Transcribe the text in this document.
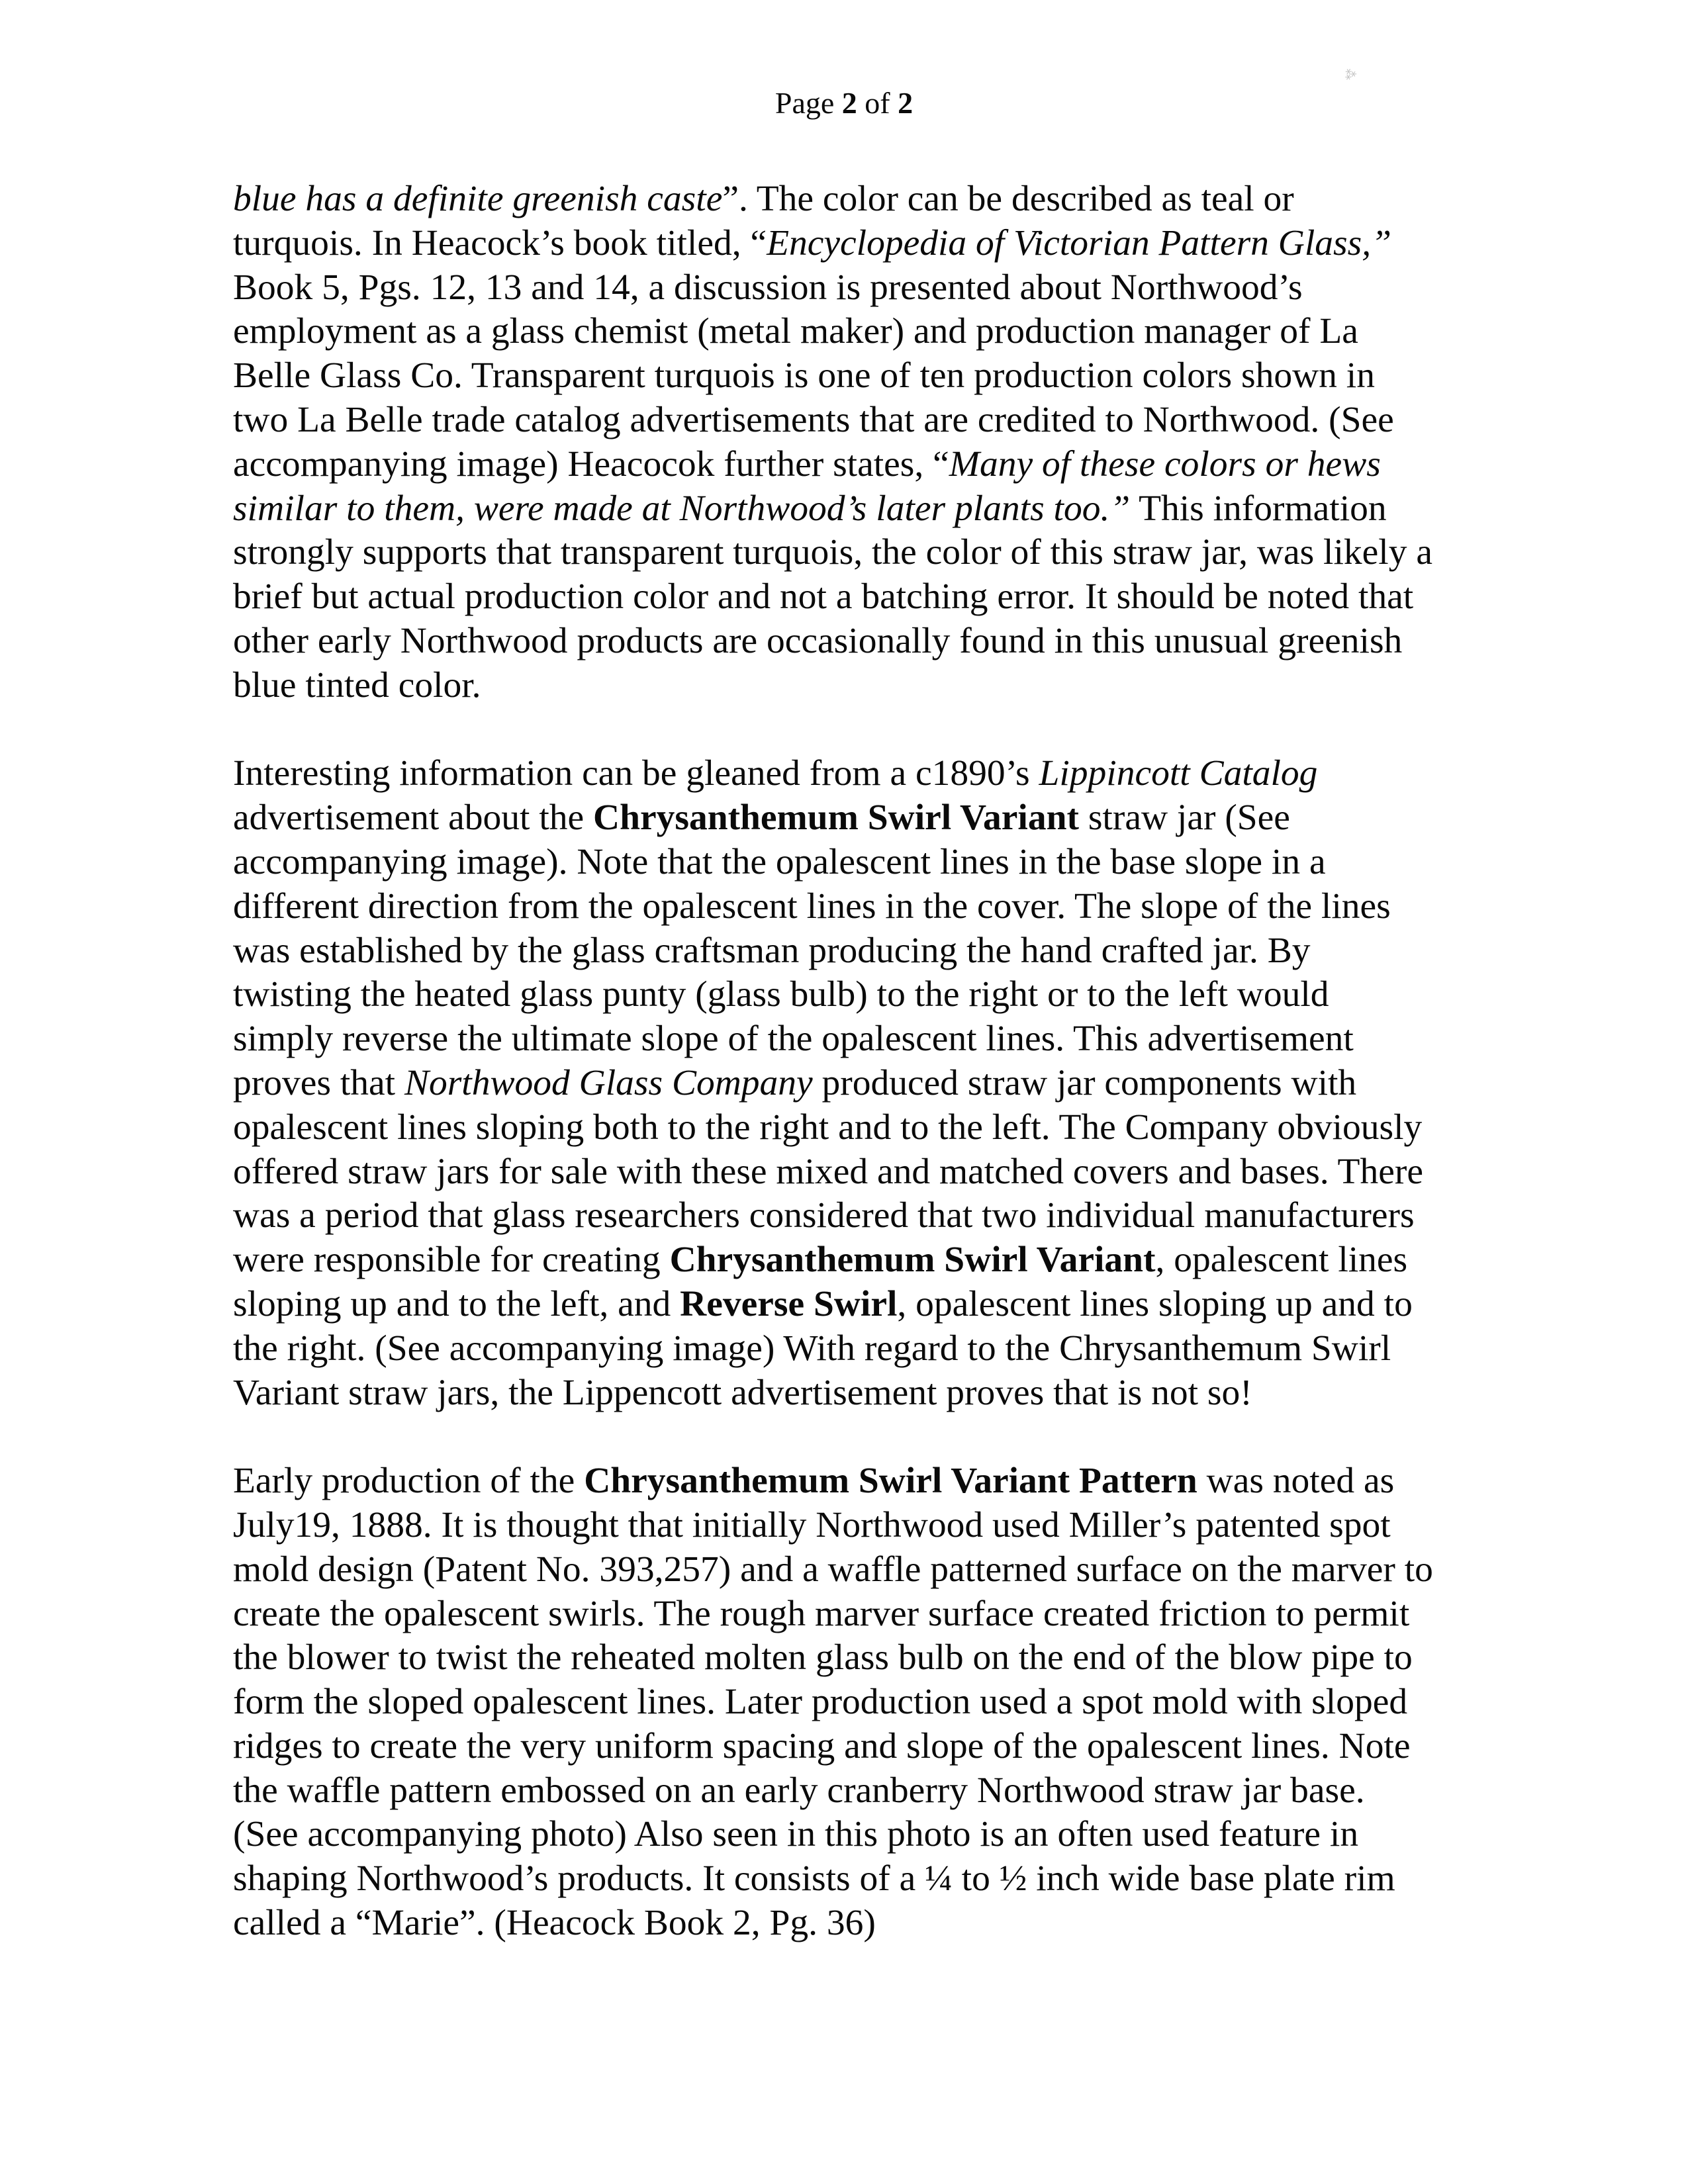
⁂
Page 2 of 2
blue has a definite greenish caste”. The color can be described as teal or
turquois. In Heacock’s book titled, “Encyclopedia of Victorian Pattern Glass,”
Book 5, Pgs. 12, 13 and 14, a discussion is presented about Northwood’s
employment as a glass chemist (metal maker) and production manager of La
Belle Glass Co. Transparent turquois is one of ten production colors shown in
two La Belle trade catalog advertisements that are credited to Northwood. (See
accompanying image) Heacocok further states, “Many of these colors or hews
similar to them, were made at Northwood’s later plants too.” This information
strongly supports that transparent turquois, the color of this straw jar, was likely a
brief but actual production color and not a batching error. It should be noted that
other early Northwood products are occasionally found in this unusual greenish
blue tinted color.
Interesting information can be gleaned from a c1890’s Lippincott Catalog
advertisement about the Chrysanthemum Swirl Variant straw jar (See
accompanying image). Note that the opalescent lines in the base slope in a
different direction from the opalescent lines in the cover. The slope of the lines
was established by the glass craftsman producing the hand crafted jar. By
twisting the heated glass punty (glass bulb) to the right or to the left would
simply reverse the ultimate slope of the opalescent lines. This advertisement
proves that Northwood Glass Company produced straw jar components with
opalescent lines sloping both to the right and to the left. The Company obviously
offered straw jars for sale with these mixed and matched covers and bases. There
was a period that glass researchers considered that two individual manufacturers
were responsible for creating Chrysanthemum Swirl Variant, opalescent lines
sloping up and to the left, and Reverse Swirl, opalescent lines sloping up and to
the right. (See accompanying image) With regard to the Chrysanthemum Swirl
Variant straw jars, the Lippencott advertisement proves that is not so!
Early production of the Chrysanthemum Swirl Variant Pattern was noted as
July19, 1888. It is thought that initially Northwood used Miller’s patented spot
mold design (Patent No. 393,257) and a waffle patterned surface on the marver to
create the opalescent swirls. The rough marver surface created friction to permit
the blower to twist the reheated molten glass bulb on the end of the blow pipe to
form the sloped opalescent lines. Later production used a spot mold with sloped
ridges to create the very uniform spacing and slope of the opalescent lines. Note
the waffle pattern embossed on an early cranberry Northwood straw jar base.
(See accompanying photo) Also seen in this photo is an often used feature in
shaping Northwood’s products. It consists of a ¼ to ½ inch wide base plate rim
called a “Marie”. (Heacock Book 2, Pg. 36)
